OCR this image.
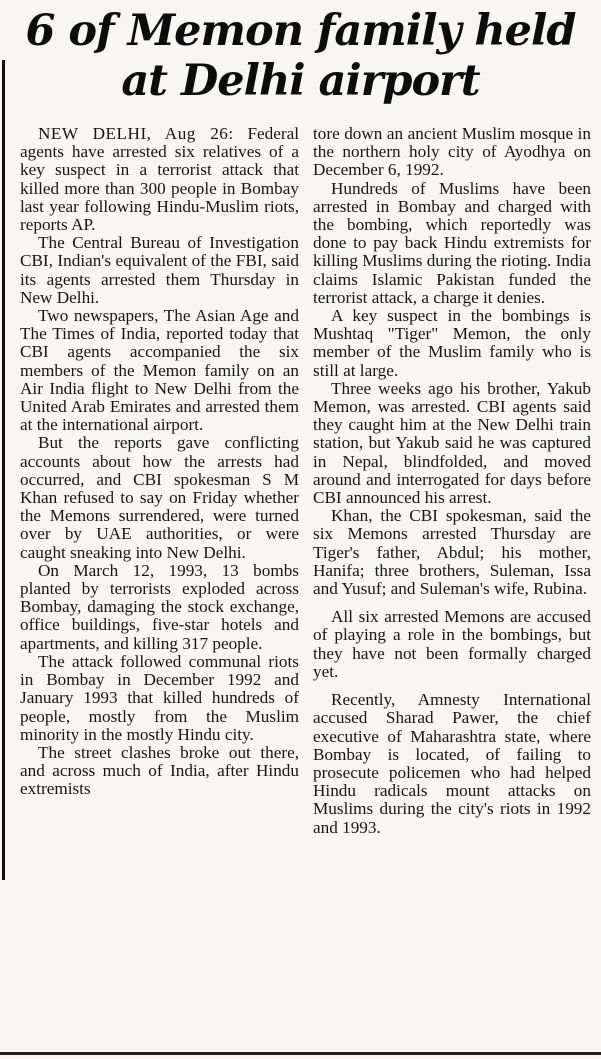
6 of Memon family held
at Delhi airport

NEW DELHI, Aug 26: Federal agents have arrested six relatives of a key suspect in a terrorist attack that killed more than 300 people in Bombay last year following Hindu-Muslim riots, reports AP.

The Central Bureau of Investigation CBI, Indian's equivalent of the FBI, said its agents arrested them Thursday in New Delhi.

Two newspapers, The Asian Age and The Times of India, reported today that CBI agents accompanied the six members of the Memon family on an Air India flight to New Delhi from the United Arab Emirates and arrested them at the international airport.

But the reports gave conflicting accounts about how the arrests had occurred, and CBI spokesman S M Khan refused to say on Friday whether the Memons surrendered, were turned over by UAE authorities, or were caught sneaking into New Delhi.

On March 12, 1993, 13 bombs planted by terrorists exploded across Bombay, damaging the stock exchange, office buildings, five-star hotels and apartments, and killing 317 people.

The attack followed communal riots in Bombay in December 1992 and January 1993 that killed hundreds of people, mostly from the Muslim minority in the mostly Hindu city.

The street clashes broke out there, and across much of India, after Hindu extremists

tore down an ancient Muslim mosque in the northern holy city of Ayodhya on December 6, 1992.

Hundreds of Muslims have been arrested in Bombay and charged with the bombing, which reportedly was done to pay back Hindu extremists for killing Muslims during the rioting. India claims Islamic Pakistan funded the terrorist attack, a charge it denies.

A key suspect in the bombings is Mushtaq "Tiger" Memon, the only member of the Muslim family who is still at large.

Three weeks ago his brother, Yakub Memon, was arrested. CBI agents said they caught him at the New Delhi train station, but Yakub said he was captured in Nepal, blindfolded, and moved around and interrogated for days before CBI announced his arrest.

Khan, the CBI spokesman, said the six Memons arrested Thursday are Tiger's father, Abdul; his mother, Hanifa; three brothers, Suleman, Issa and Yusuf; and Suleman's wife, Rubina.

All six arrested Memons are accused of playing a role in the bombings, but they have not been formally charged yet.

Recently, Amnesty International accused Sharad Pawer, the chief executive of Maharashtra state, where Bombay is located, of failing to prosecute policemen who had helped Hindu radicals mount attacks on Muslims during the city's riots in 1992 and 1993.
